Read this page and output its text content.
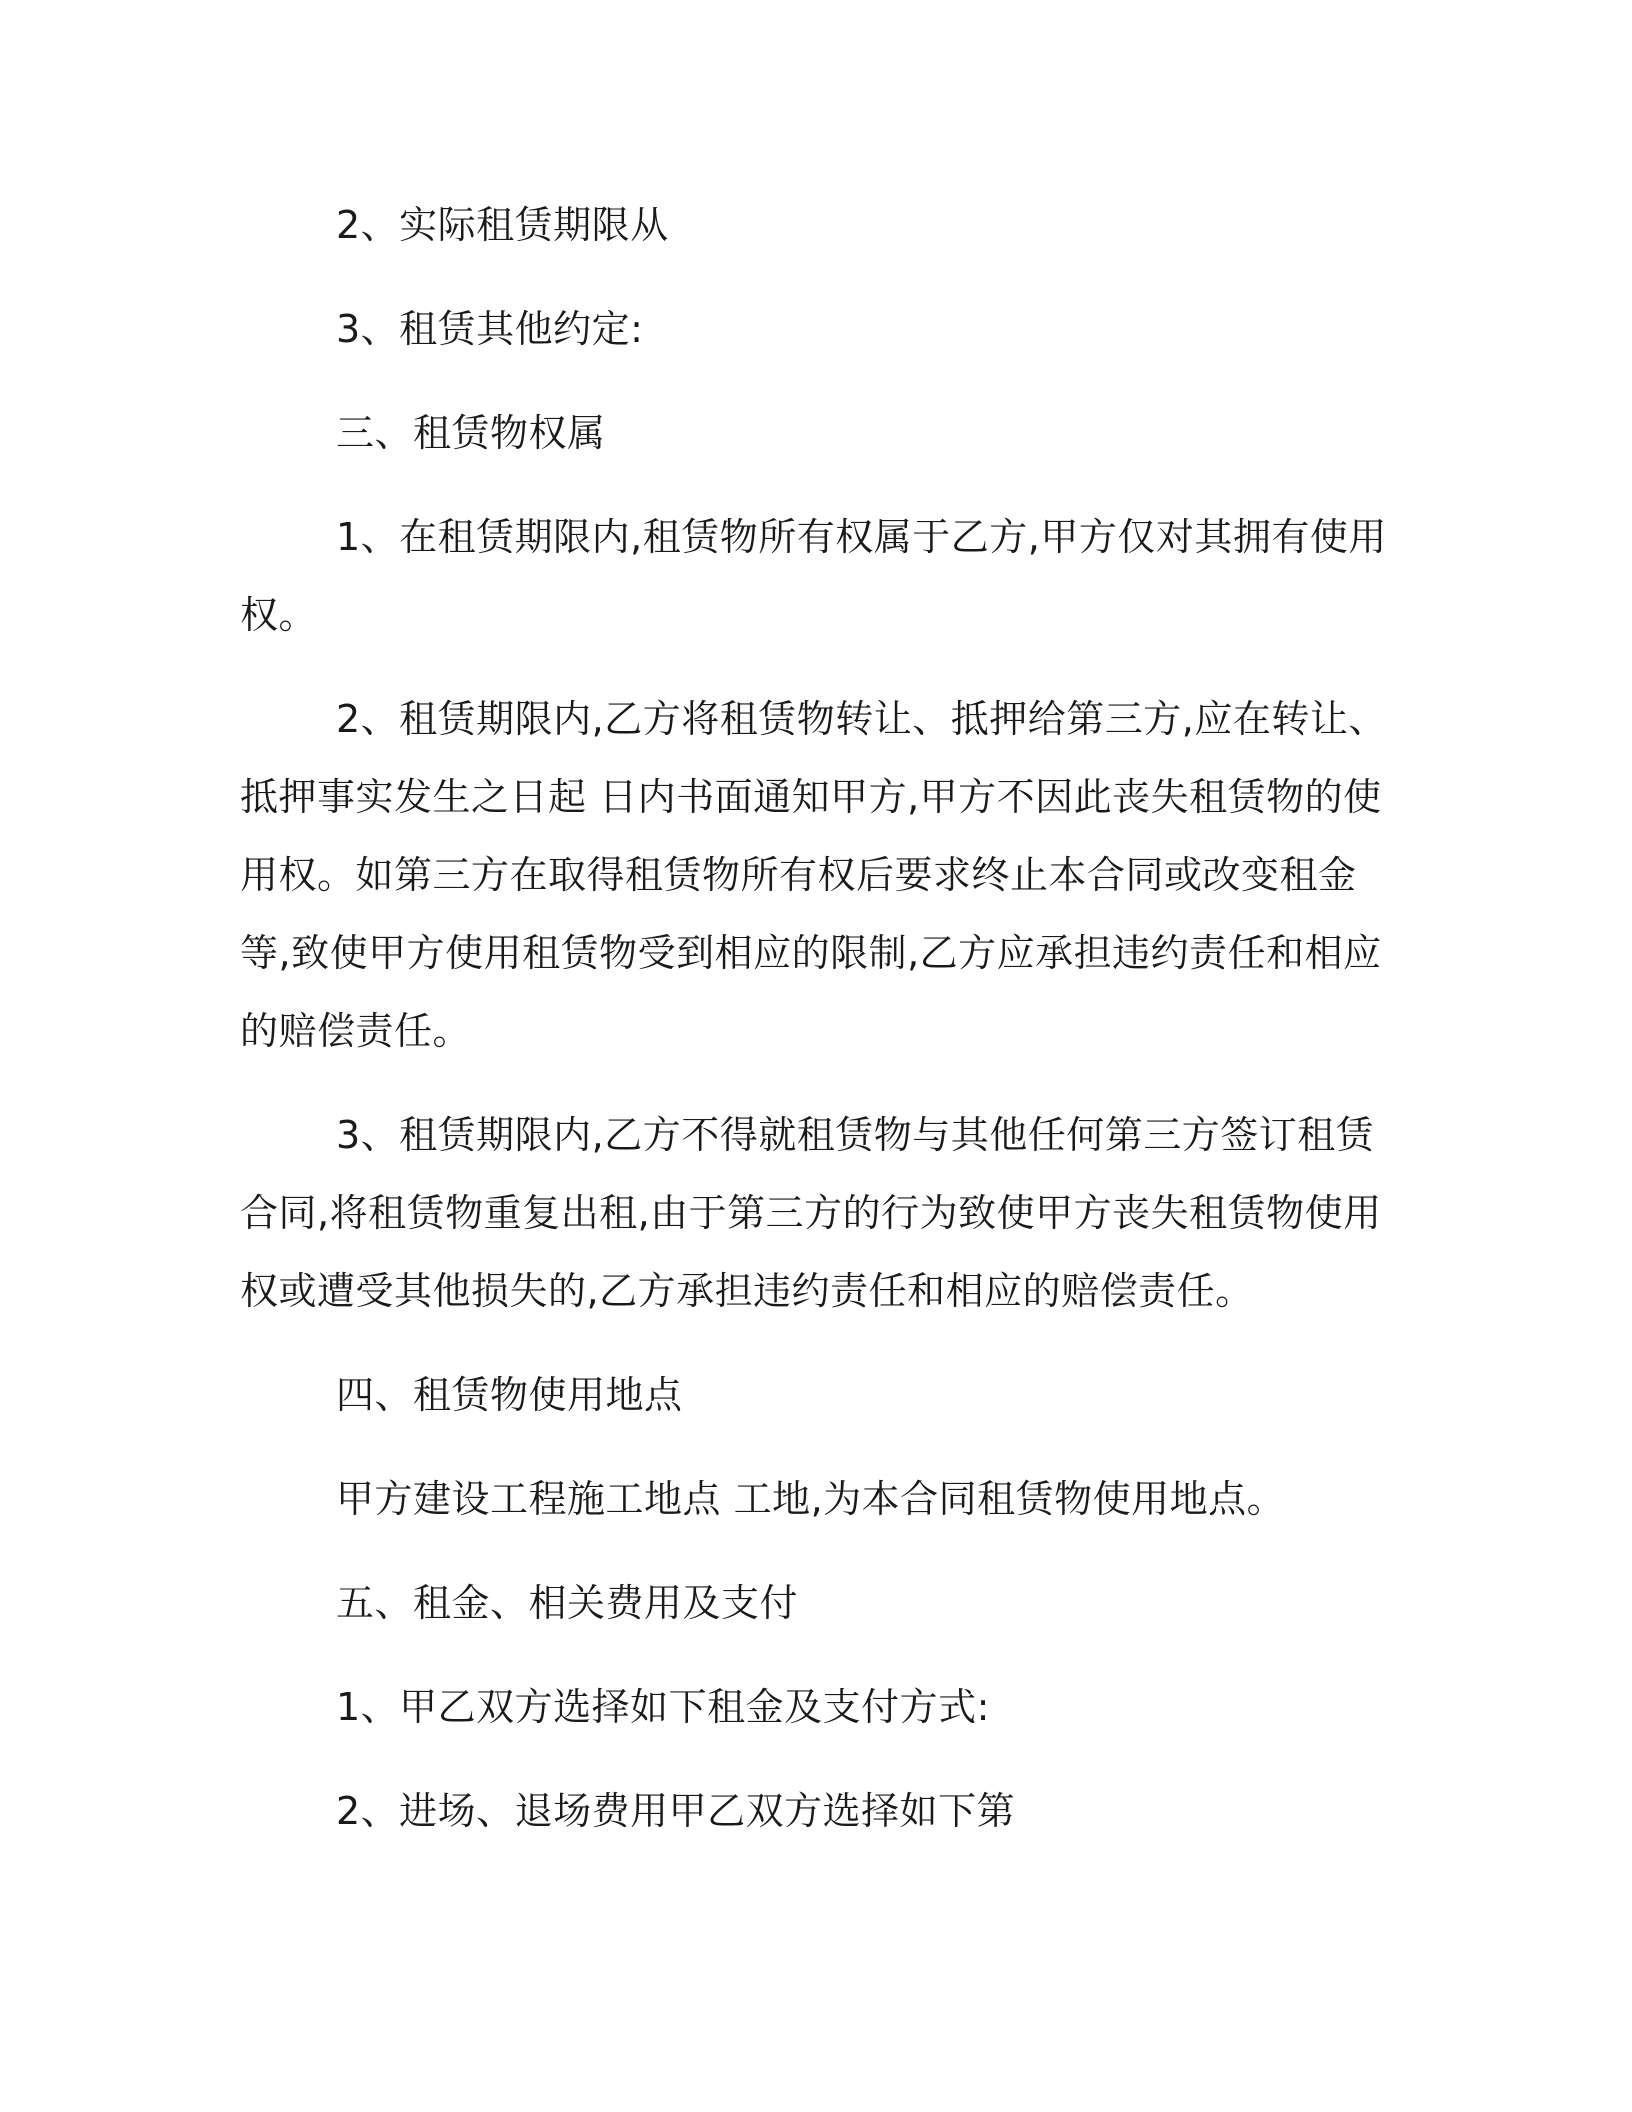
2、实际租赁期限从

3、租赁其他约定:

三、租赁物权属

1、在租赁期限内,租赁物所有权属于乙方,甲方仅对其拥有使用权。

2、租赁期限内,乙方将租赁物转让、抵押给第三方,应在转让、抵押事实发生之日起 日内书面通知甲方,甲方不因此丧失租赁物的使用权。如第三方在取得租赁物所有权后要求终止本合同或改变租金等,致使甲方使用租赁物受到相应的限制,乙方应承担违约责任和相应的赔偿责任。

3、租赁期限内,乙方不得就租赁物与其他任何第三方签订租赁合同,将租赁物重复出租,由于第三方的行为致使甲方丧失租赁物使用权或遭受其他损失的,乙方承担违约责任和相应的赔偿责任。

四、租赁物使用地点

甲方建设工程施工地点 工地,为本合同租赁物使用地点。

五、租金、相关费用及支付

1、甲乙双方选择如下租金及支付方式:

2、进场、退场费用甲乙双方选择如下第
